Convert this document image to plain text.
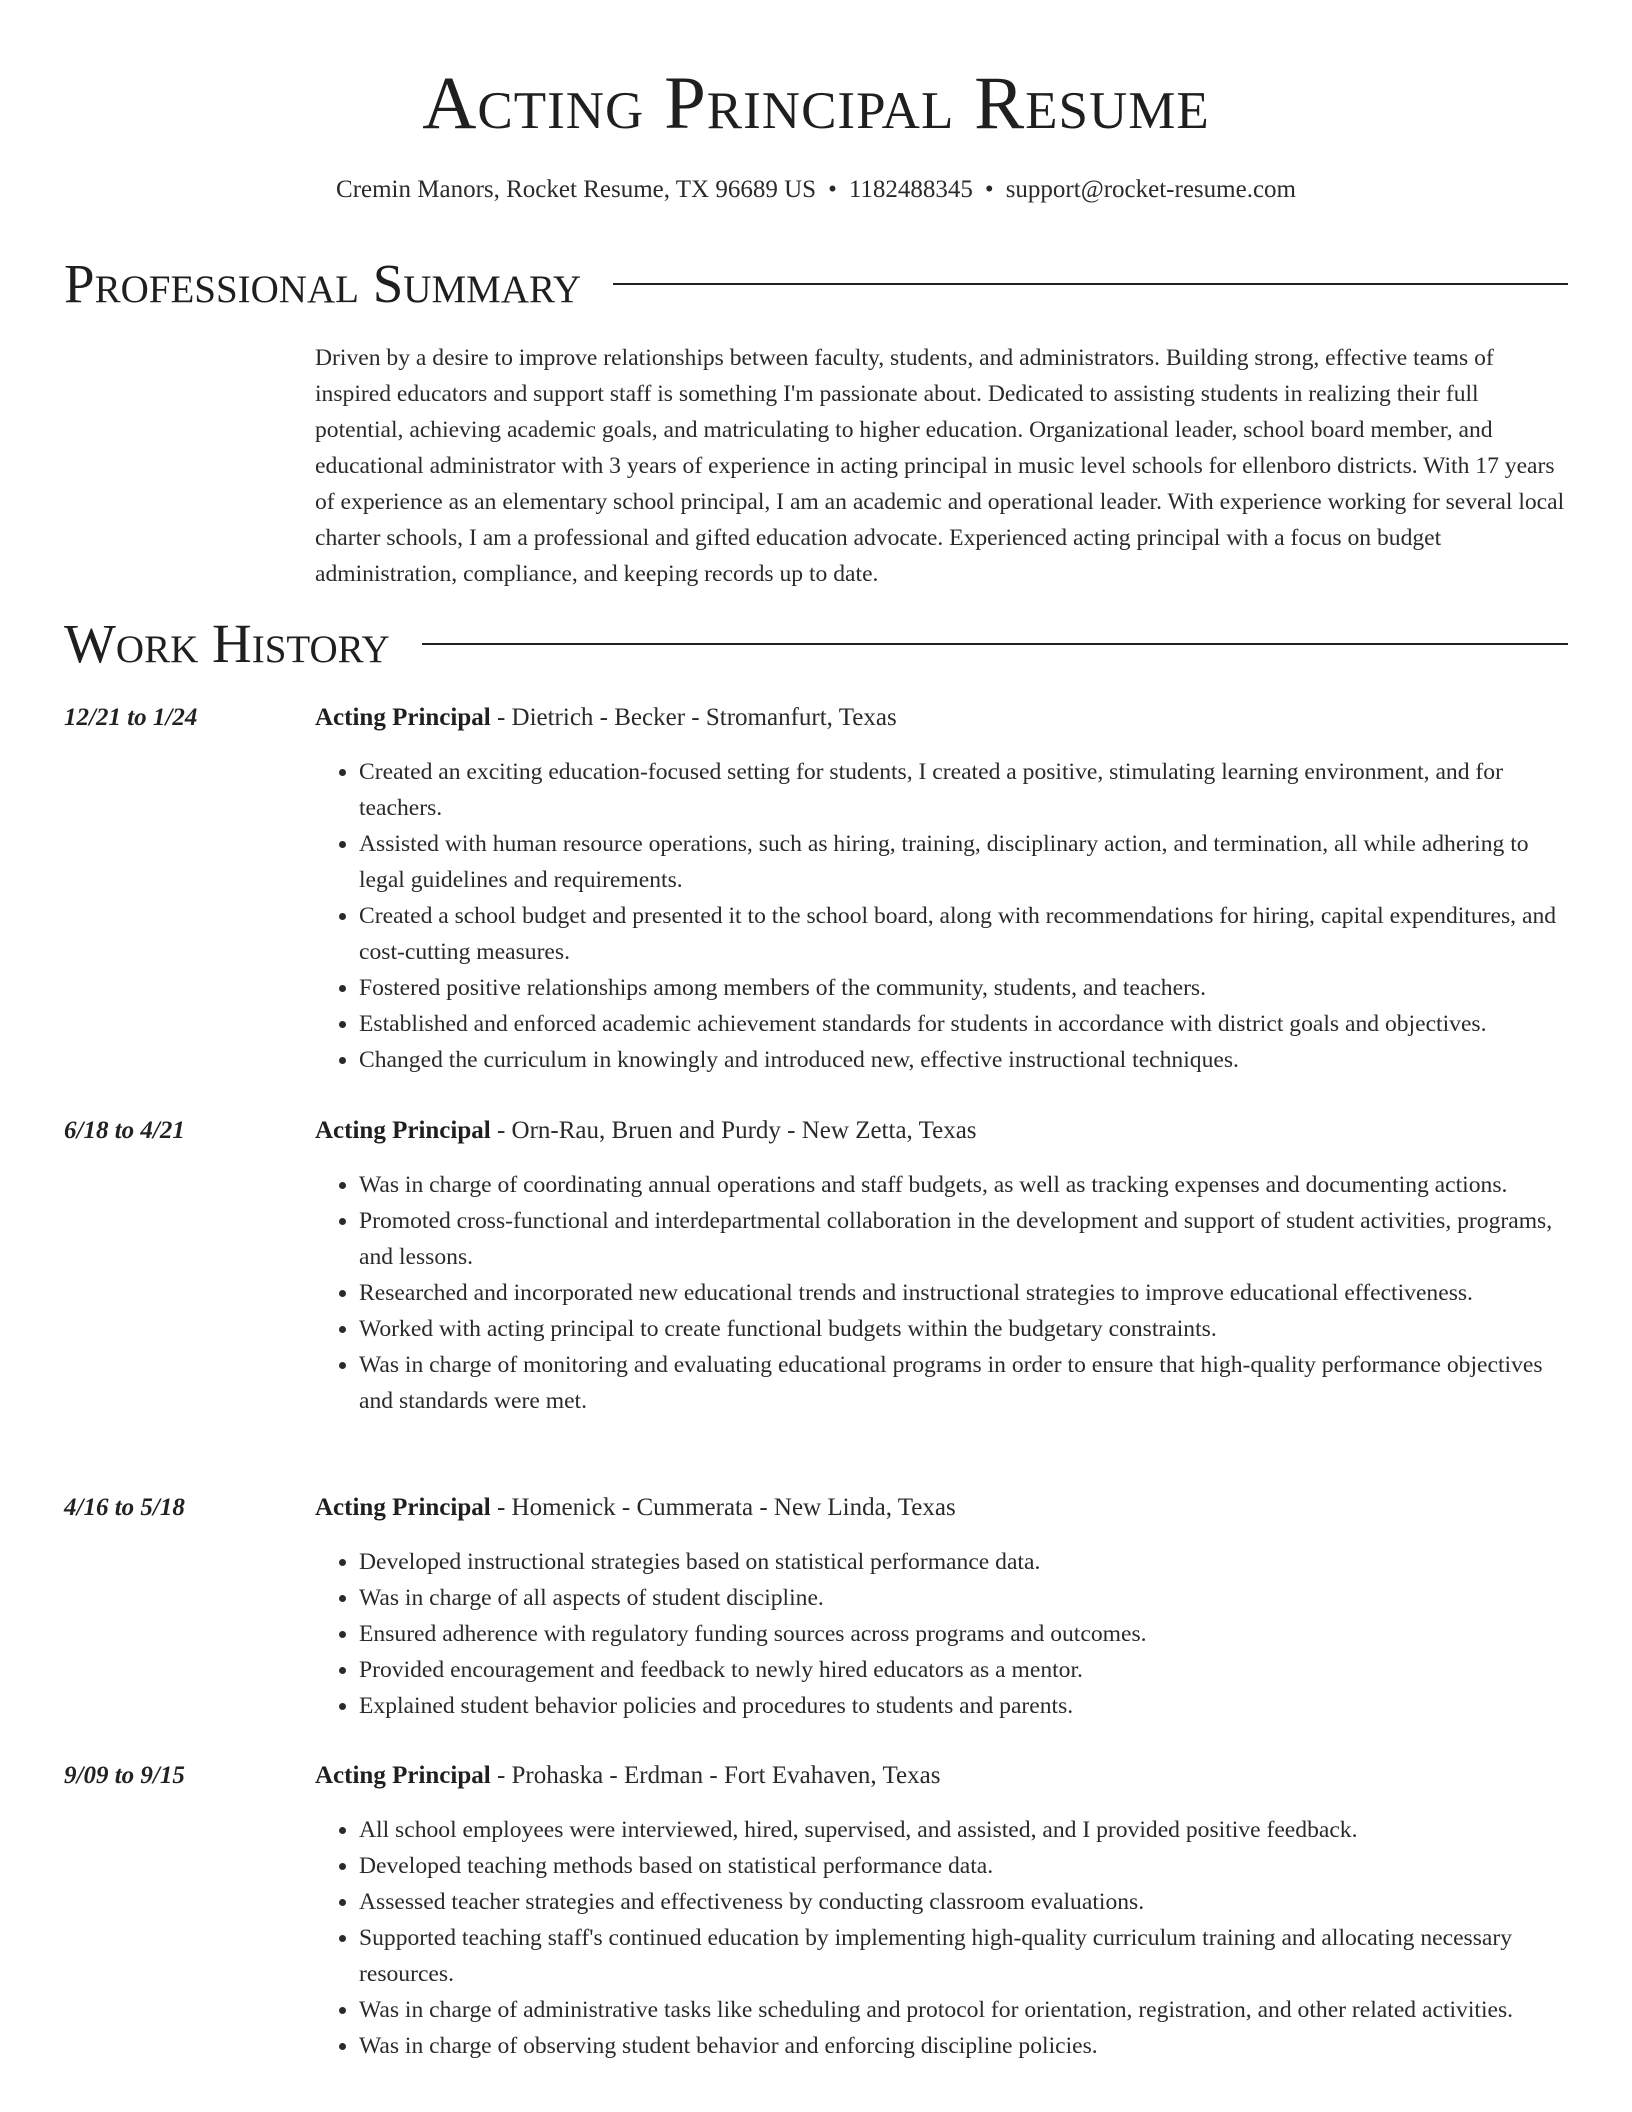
Acting Principal Resume
Cremin Manors, Rocket Resume, TX 96689 US • 1182488345 • support@rocket-resume.com
Professional Summary

Driven by a desire to improve relationships between faculty, students, and administrators. Building strong, effective teams of inspired educators and support staff is something I'm passionate about. Dedicated to assisting students in realizing their full potential, achieving academic goals, and matriculating to higher education. Organizational leader, school board member, and educational administrator with 3 years of experience in acting principal in music level schools for ellenboro districts. With 17 years of experience as an elementary school principal, I am an academic and operational leader. With experience working for several local charter schools, I am a professional and gifted education advocate. Experienced acting principal with a focus on budget administration, compliance, and keeping records up to date.

Work History
12/21 to 1/24	Acting Principal - Dietrich - Becker - Stromanfurt, Texas
• Created an exciting education-focused setting for students, I created a positive, stimulating learning environment, and for teachers.
• Assisted with human resource operations, such as hiring, training, disciplinary action, and termination, all while adhering to legal guidelines and requirements.
• Created a school budget and presented it to the school board, along with recommendations for hiring, capital expenditures, and cost-cutting measures.
• Fostered positive relationships among members of the community, students, and teachers.
• Established and enforced academic achievement standards for students in accordance with district goals and objectives.
• Changed the curriculum in knowingly and introduced new, effective instructional techniques.
6/18 to 4/21	Acting Principal - Orn-Rau, Bruen and Purdy - New Zetta, Texas
• Was in charge of coordinating annual operations and staff budgets, as well as tracking expenses and documenting actions.
• Promoted cross-functional and interdepartmental collaboration in the development and support of student activities, programs, and lessons.
• Researched and incorporated new educational trends and instructional strategies to improve educational effectiveness.
• Worked with acting principal to create functional budgets within the budgetary constraints.
• Was in charge of monitoring and evaluating educational programs in order to ensure that high-quality performance objectives and standards were met.
4/16 to 5/18	Acting Principal - Homenick - Cummerata - New Linda, Texas
• Developed instructional strategies based on statistical performance data.
• Was in charge of all aspects of student discipline.
• Ensured adherence with regulatory funding sources across programs and outcomes.
• Provided encouragement and feedback to newly hired educators as a mentor.
• Explained student behavior policies and procedures to students and parents.
9/09 to 9/15	Acting Principal - Prohaska - Erdman - Fort Evahaven, Texas
• All school employees were interviewed, hired, supervised, and assisted, and I provided positive feedback.
• Developed teaching methods based on statistical performance data.
• Assessed teacher strategies and effectiveness by conducting classroom evaluations.
• Supported teaching staff's continued education by implementing high-quality curriculum training and allocating necessary resources.
• Was in charge of administrative tasks like scheduling and protocol for orientation, registration, and other related activities.
• Was in charge of observing student behavior and enforcing discipline policies.
